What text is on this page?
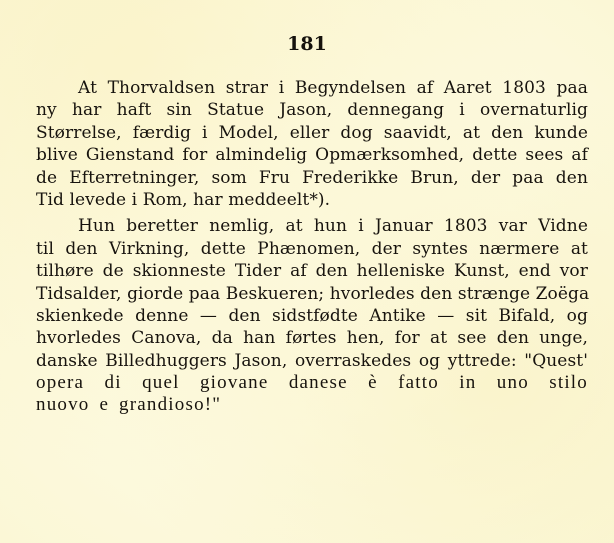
181
At Thorvaldsen strar i Begyndelsen af Aaret 1803 paa
ny har haft sin Statue Jason, dennegang i overnaturlig
Størrelse, færdig i Model, eller dog saavidt, at den kunde
blive Gienstand for almindelig Opmærksomhed, dette sees af
de Efterretninger, som Fru Frederikke Brun, der paa den
Tid levede i Rom, har meddeelt*).
Hun beretter nemlig, at hun i Januar 1803 var Vidne
til den Virkning, dette Phænomen, der syntes nærmere at
tilhøre de skionneste Tider af den helleniske Kunst, end vor
Tidsalder, giorde paa Beskueren; hvorledes den strænge Zoëga
skienkede denne — den sidstfødte Antike — sit Bifald, og
hvorledes Canova, da han førtes hen, for at see den unge,
danske Billedhuggers Jason, overraskedes og yttrede: "Quest'
opera di quel giovane danese è fatto in uno stilo
nuovo e grandioso!"
